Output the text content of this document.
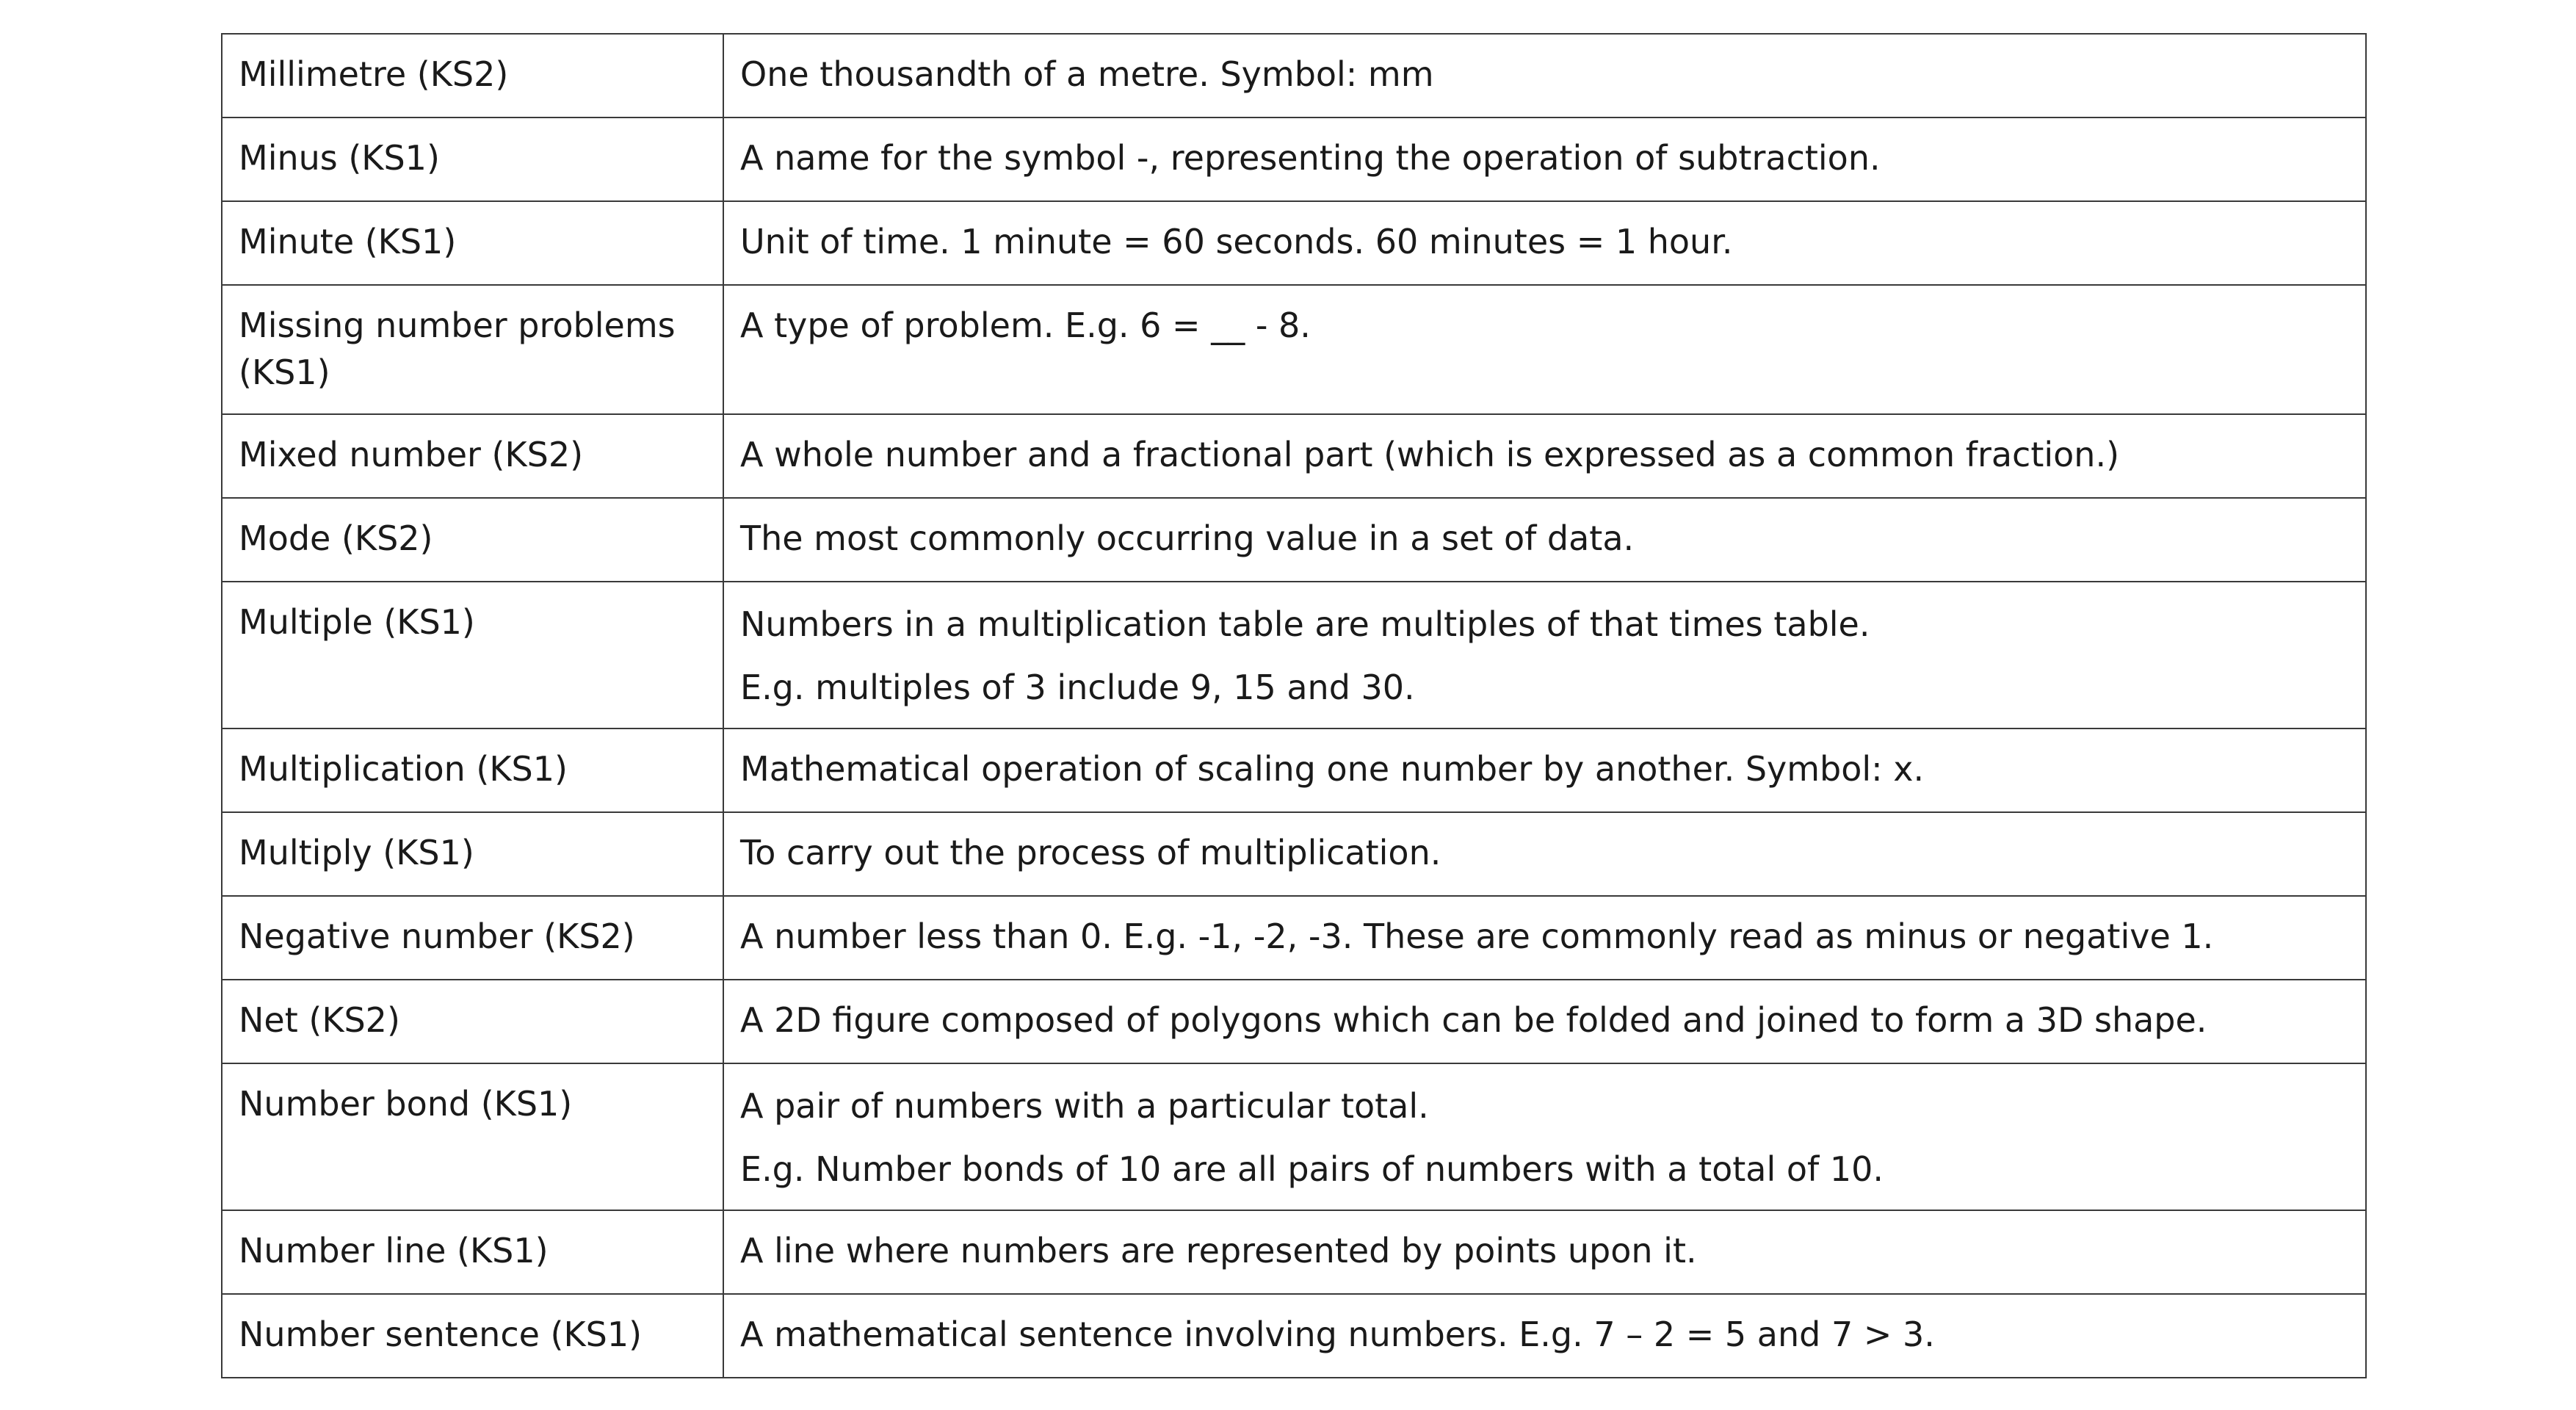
Millimetre (KS2)	One thousandth of a metre. Symbol: mm

Minus (KS1)	A name for the symbol -, representing the operation of subtraction.

Minute (KS1)	Unit of time. 1 minute = 60 seconds. 60 minutes = 1 hour.

Missing number problems (KS1)	A type of problem. E.g. 6 = __ - 8.

Mixed number (KS2)	A whole number and a fractional part (which is expressed as a common fraction.)

Mode (KS2)	The most commonly occurring value in a set of data.

Multiple (KS1)	Numbers in a multiplication table are multiples of that times table.
E.g. multiples of 3 include 9, 15 and 30.

Multiplication (KS1)	Mathematical operation of scaling one number by another. Symbol: x.

Multiply (KS1)	To carry out the process of multiplication.

Negative number (KS2)	A number less than 0. E.g. -1, -2, -3. These are commonly read as minus or negative 1.

Net (KS2)	A 2D figure composed of polygons which can be folded and joined to form a 3D shape.

Number bond (KS1)	A pair of numbers with a particular total.
E.g. Number bonds of 10 are all pairs of numbers with a total of 10.

Number line (KS1)	A line where numbers are represented by points upon it.

Number sentence (KS1)	A mathematical sentence involving numbers. E.g. 7 – 2 = 5 and 7 > 3.
